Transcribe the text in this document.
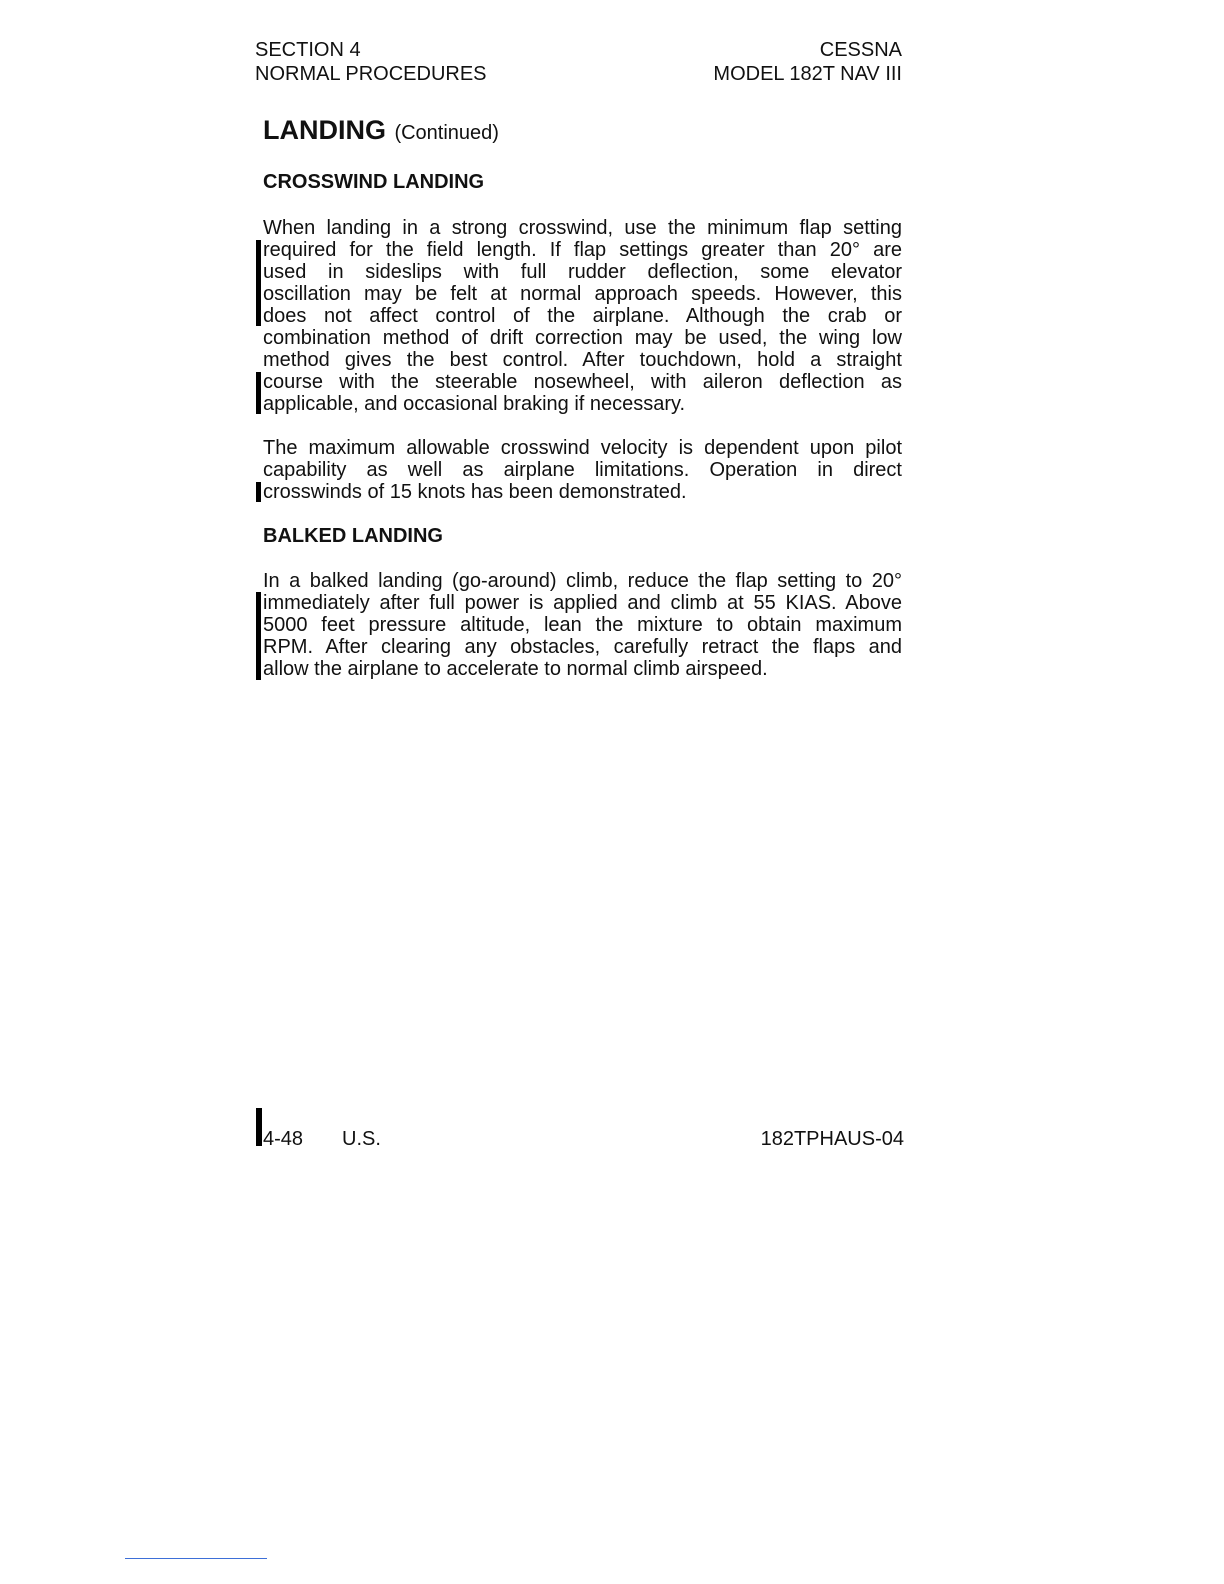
SECTION 4
NORMAL PROCEDURES
CESSNA
MODEL 182T NAV III
LANDING (Continued)
CROSSWIND LANDING
When landing in a strong crosswind, use the minimum flap setting
required for the field length. If flap settings greater than 20° are
used in sideslips with full rudder deflection, some elevator
oscillation may be felt at normal approach speeds. However, this
does not affect control of the airplane. Although the crab or
combination method of drift correction may be used, the wing low
method gives the best control. After touchdown, hold a straight
course with the steerable nosewheel, with aileron deflection as
applicable, and occasional braking if necessary.
The maximum allowable crosswind velocity is dependent upon pilot
capability as well as airplane limitations. Operation in direct
crosswinds of 15 knots has been demonstrated.
BALKED LANDING
In a balked landing (go-around) climb, reduce the flap setting to 20°
immediately after full power is applied and climb at 55 KIAS. Above
5000 feet pressure altitude, lean the mixture to obtain maximum
RPM. After clearing any obstacles, carefully retract the flaps and
allow the airplane to accelerate to normal climb airspeed.
4-48 U.S.	182TPHAUS-04
